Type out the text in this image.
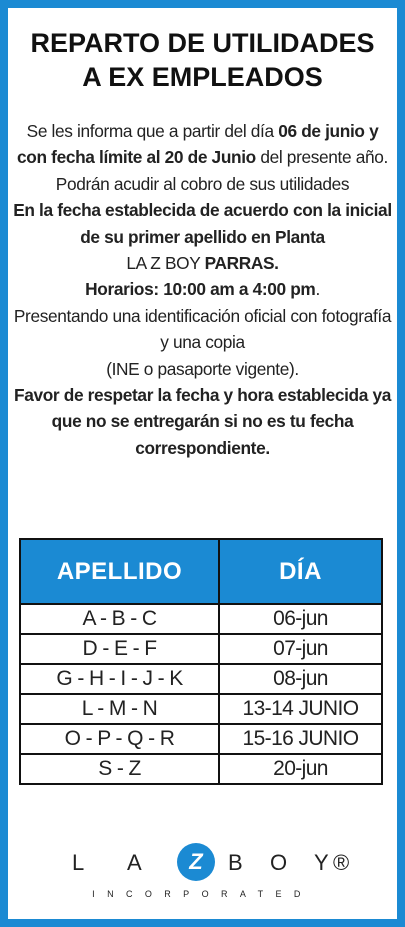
REPARTO DE UTILIDADES
A EX EMPLEADOS

Se les informa que a partir del día 06 de junio y con fecha límite al 20 de Junio del presente año. Podrán acudir al cobro de sus utilidades

En la fecha establecida de acuerdo con la inicial de su primer apellido en Planta

LA Z BOY PARRAS.

Horarios: 10:00 am a 4:00 pm.

Presentando una identificación oficial con fotografía y una copia

(INE o pasaporte vigente).

Favor de respetar la fecha y hora establecida ya que no se entregarán si no es tu fecha correspondiente.

APELLIDO	DÍA
A - B - C	06-jun
D - E - F	07-jun
G - H - I - J - K	08-jun
L - M - N	13-14 JUNIO
O - P - Q - R	15-16 JUNIO
S - Z	20-jun
L A	Z	B O Y ®
INCORPORATED
